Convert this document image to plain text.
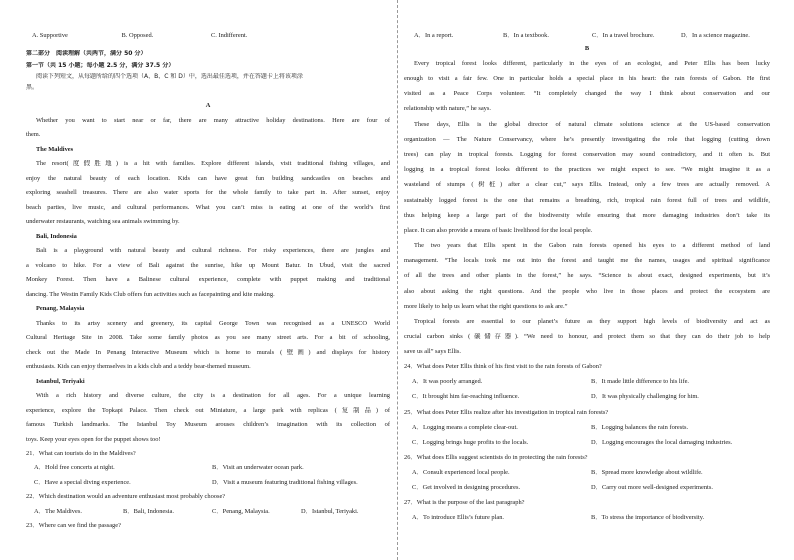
A. Supportive	B. Opposed.	C. Indifferent.
第二部分　阅读理解（共两节，满分 50 分）
第一节（共 15 小题；每小题 2.5 分，满分 37.5 分）
阅读下列短文，从每题所给的四个选项（A、B、C 和 D）中，选出最佳选项，并在答题卡上将该项涂
黑。
A
Whether you want to start near or far, there are many attractive holiday destinations. Here are four of
them.
The Maldives
The resort(度假胜地) is a hit with families. Explore different islands, visit traditional fishing villages, and
enjoy the natural beauty of each location. Kids can have great fun building sandcastles on beaches and
exploring seashell treasures. There are also water sports for the whole family to take part in. After sunset, enjoy
beach parties, live music, and cultural performances. What you can’t miss is eating at one of the world’s first
underwater restaurants, watching sea animals swimming by.
Bali, Indonesia
Bali is a playground with natural beauty and cultural richness. For risky experiences, there are jungles and
a volcano to hike. For a view of Bali against the sunrise, hike up Mount Batur. In Ubud, visit the sacred
Monkey Forest. Then have a Balinese cultural experience, complete with puppet making and traditional
dancing. The Westin Family Kids Club offers fun activities such as facepainting and kite making.
Penang, Malaysia
Thanks to its artsy scenery and greenery, its capital George Town was recognised as a UNESCO World
Cultural Heritage Site in 2008. Take some family photos as you see many street arts. For a bit of schooling,
check out the Made In Penang Interactive Museum which is home to murals (壁画) and displays for history
enthusiasts. Kids can enjoy themselves in a kids club and a teddy bear-themed museum.
Istanbul, Teriyaki
With a rich history and diverse culture, the city is a destination for all ages. For a unique learning
experience, explore the Topkapi Palace. Then check out Miniature, a large park with replicas (复制品) of
famous Turkish landmarks. The Istanbul Toy Museum arouses children’s imagination with its collection of
toys. Keep your eyes open for the puppet shows too!
21．What can tourists do in the Maldives?
A．Hold free concerts at night.	B．Visit an underwater ocean park.
C．Have a special diving experience.	D．Visit a museum featuring traditional fishing villages.
22．Which destination would an adventure enthusiast most probably choose?
A．The Maldives.	B．Bali, Indonesia.	C．Penang, Malaysia.	D．Istanbul, Teriyaki.
23．Where can we find the passage?
A．In a report.	B．In a textbook.	C．In a travel brochure.	D．In a science magazine.
B
Every tropical forest looks different, particularly in the eyes of an ecologist, and Peter Ellis has been lucky
enough to visit a fair few. One in particular holds a special place in his heart: the rain forests of Gabon. He first
visited as a Peace Corps volunteer. “It completely changed the way I think about conservation and our
relationship with nature,” he says.
These days, Ellis is the global director of natural climate solutions science at the US-based conservation
organization — The Nature Conservancy, where he’s presently investigating the role that logging (cutting down
trees) can play in tropical forests. Logging for forest conservation may sound contradictory, and it often is. But
logging in a tropical forest looks different to the practices we might expect to see. “We might imagine it as a
wasteland of stumps (树桩) after a clear cut,” says Ellis. Instead, only a few trees are actually removed. A
sustainably logged forest is the one that remains a breathing, rich, tropical rain forest full of trees and wildlife,
thus helping keep a large part of the biodiversity while ensuring that more damaging industries don’t take its
place. It can also provide a means of basic livelihood for the local people.
The two years that Ellis spent in the Gabon rain forests opened his eyes to a different method of land
management. “The locals took me out into the forest and taught me the names, usages and spiritual significance
of all the trees and other plants in the forest,” he says. “Science is about exact, designed experiments, but it’s
also about asking the right questions. And the people who live in those places and protect the ecosystem are
more likely to help us learn what the right questions to ask are.”
Tropical forests are essential to our planet’s future as they support high levels of biodiversity and act as
crucial carbon sinks (碳储存器). “We need to honour, and protect them so that they can do their job to help
save us all” says Ellis.
24．What does Peter Ellis think of his first visit to the rain forests of Gabon?
A．It was poorly arranged.	B．It made little difference to his life.
C．It brought him far-reaching influence.	D．It was physically challenging for him.
25．What does Peter Ellis realize after his investigation in tropical rain forests?
A．Logging means a complete clear-out.	B．Logging balances the rain forests.
C．Logging brings huge profits to the locals.	D．Logging encourages the local damaging industries.
26．What does Ellis suggest scientists do in protecting the rain forests?
A．Consult experienced local people.	B．Spread more knowledge about wildlife.
C．Get involved in designing procedures.	D．Carry out more well-designed experiments.
27．What is the purpose of the last paragraph?
A．To introduce Ellis’s future plan.	B．To stress the importance of biodiversity.
